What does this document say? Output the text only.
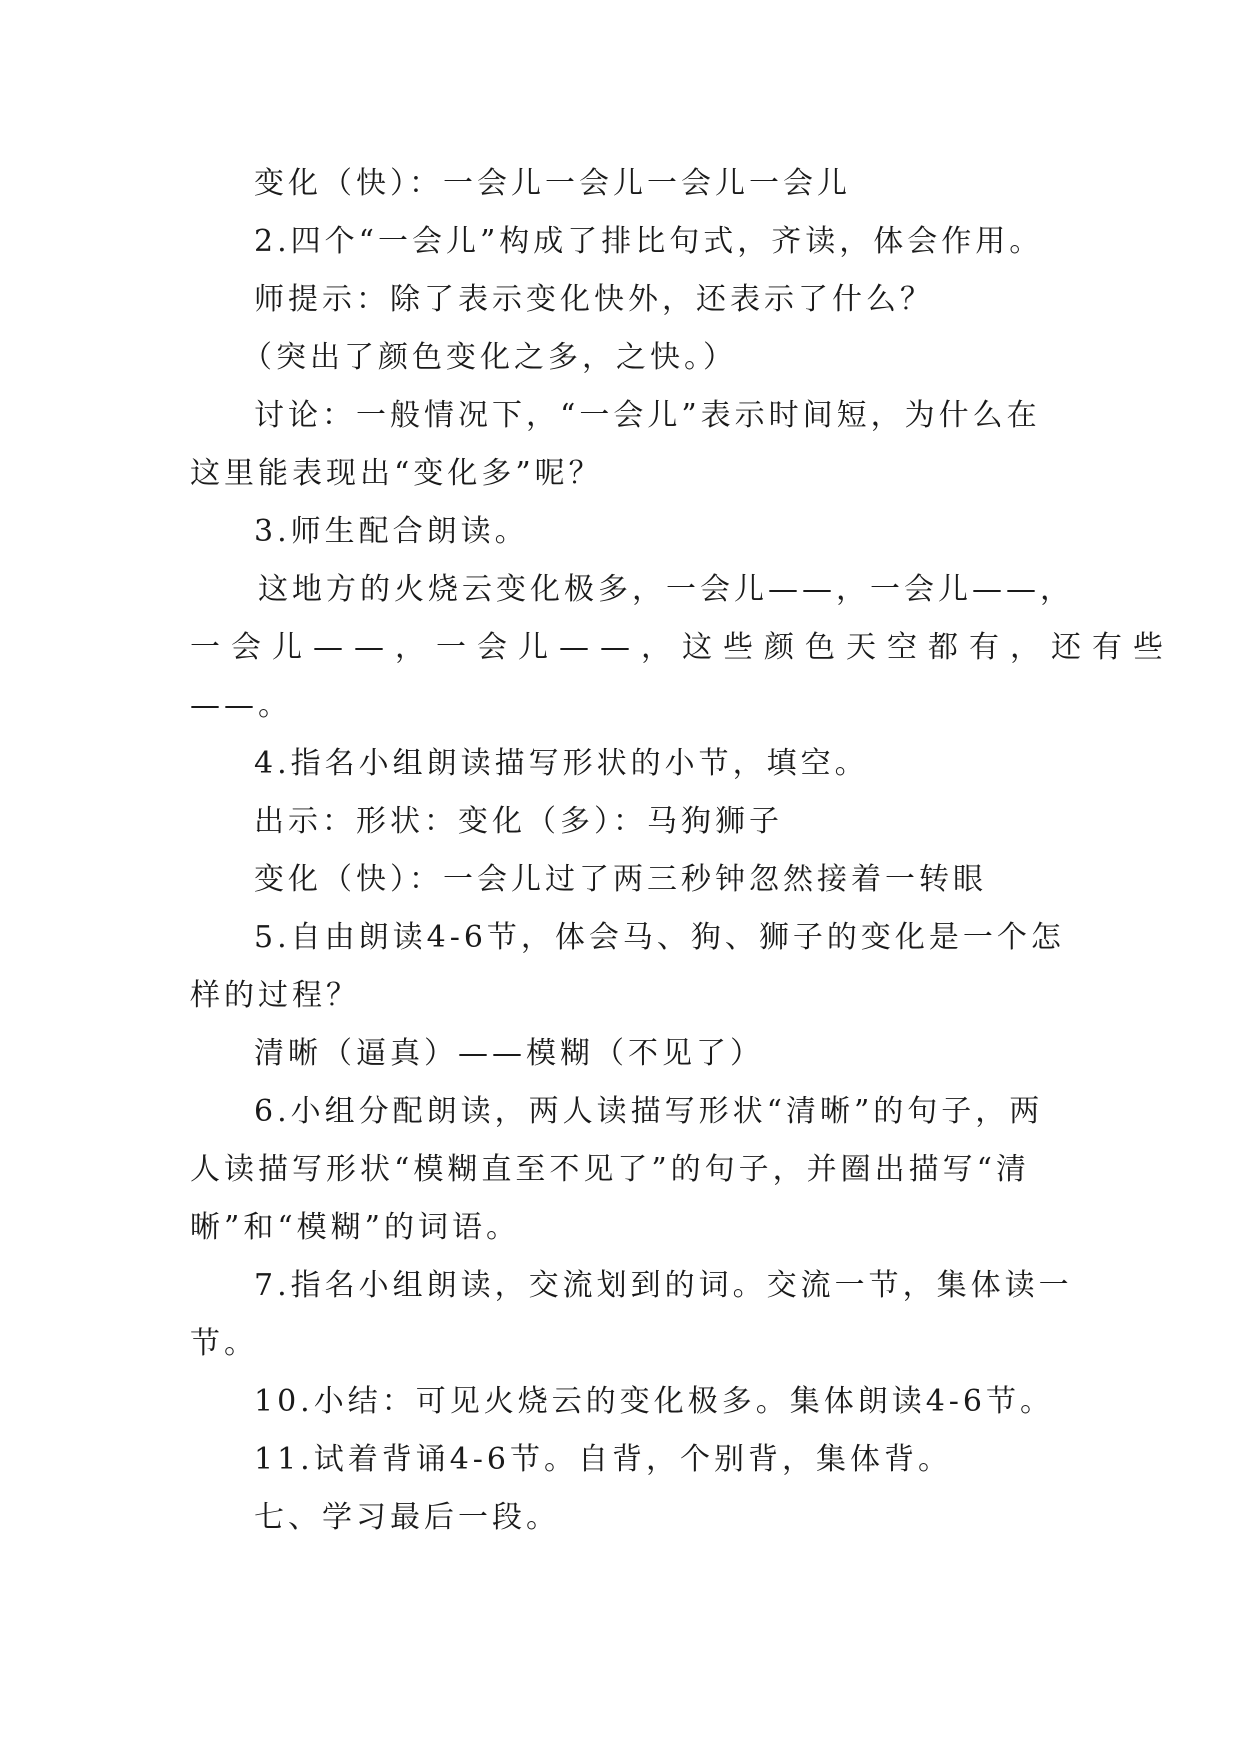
变化（快）：一会儿一会儿一会儿一会儿

2.四个“一会儿”构成了排比句式，齐读，体会作用。

师提示：除了表示变化快外，还表示了什么？

（突出了颜色变化之多，之快。）

讨论：一般情况下，“一会儿”表示时间短，为什么在

这里能表现出“变化多”呢？

3.师生配合朗读。

这地方的火烧云变化极多，一会儿——，一会儿——，

一会儿——，一会儿——，这些颜色天空都有，还有些

——。

4.指名小组朗读描写形状的小节，填空。

出示：形状：变化（多）：马狗狮子

变化（快）：一会儿过了两三秒钟忽然接着一转眼

5.自由朗读4-6节，体会马、狗、狮子的变化是一个怎

样的过程？

清晰（逼真）——模糊（不见了）

6.小组分配朗读，两人读描写形状“清晰”的句子，两

人读描写形状“模糊直至不见了”的句子，并圈出描写“清

晰”和“模糊”的词语。

7.指名小组朗读，交流划到的词。交流一节，集体读一

节。

10.小结：可见火烧云的变化极多。集体朗读4-6节。

11.试着背诵4-6节。自背，个别背，集体背。

七、学习最后一段。
